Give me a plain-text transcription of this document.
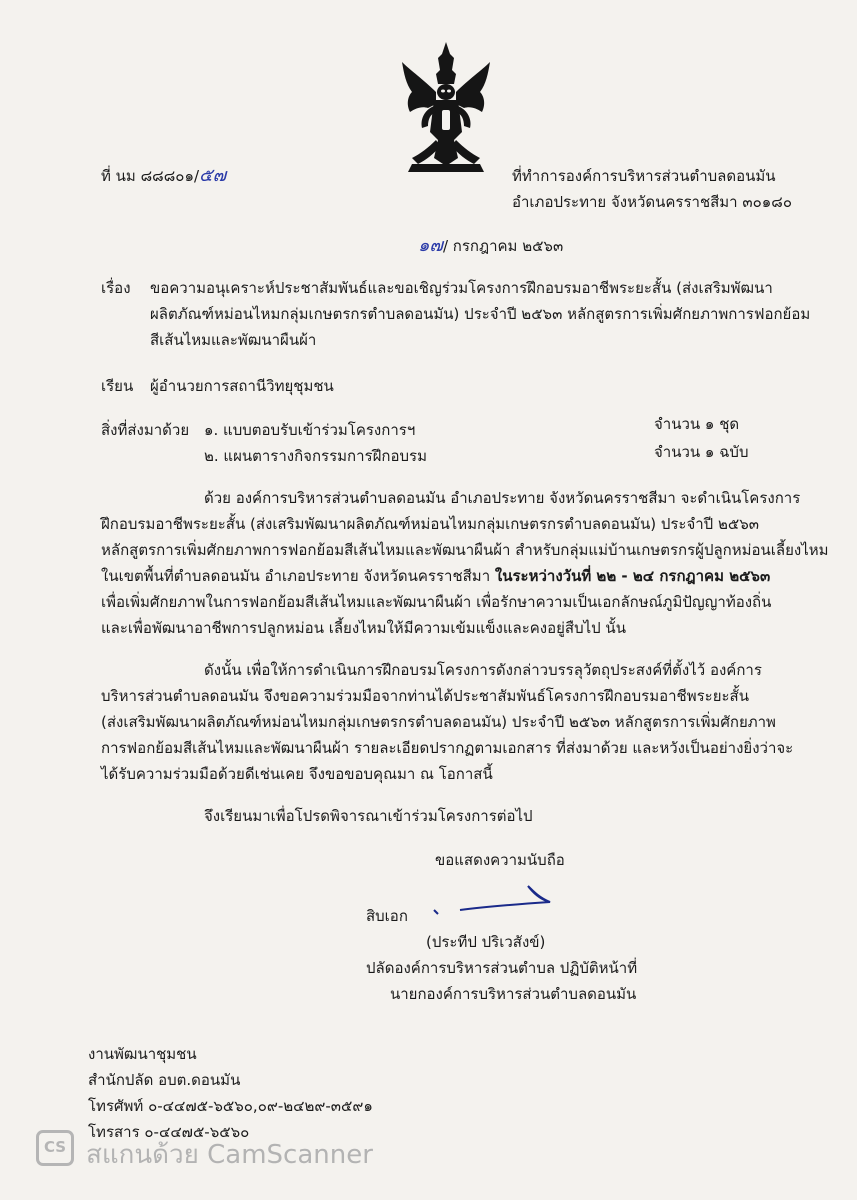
ที่ นม ๘๘๘๐๑/๕๗	ที่ทำการองค์การบริหารส่วนตำบลดอนมัน
อำเภอประทาย จังหวัดนครราชสีมา ๓๐๑๘๐
๑๗/ กรกฎาคม ๒๕๖๓
เรื่อง ขอความอนุเคราะห์ประชาสัมพันธ์และขอเชิญร่วมโครงการฝึกอบรมอาชีพระยะสั้น (ส่งเสริมพัฒนา
ผลิตภัณฑ์หม่อนไหมกลุ่มเกษตรกรตำบลดอนมัน) ประจำปี ๒๕๖๓ หลักสูตรการเพิ่มศักยภาพการฟอกย้อม
สีเส้นไหมและพัฒนาผืนผ้า
เรียน ผู้อำนวยการสถานีวิทยุชุมชน
สิ่งที่ส่งมาด้วย ๑. แบบตอบรับเข้าร่วมโครงการฯ	จำนวน ๑ ชุด
๒. แผนตารางกิจกรรมการฝึกอบรม	จำนวน ๑ ฉบับ
ด้วย องค์การบริหารส่วนตำบลดอนมัน อำเภอประทาย จังหวัดนครราชสีมา จะดำเนินโครงการ
ฝึกอบรมอาชีพระยะสั้น (ส่งเสริมพัฒนาผลิตภัณฑ์หม่อนไหมกลุ่มเกษตรกรตำบลดอนมัน) ประจำปี ๒๕๖๓
หลักสูตรการเพิ่มศักยภาพการฟอกย้อมสีเส้นไหมและพัฒนาผืนผ้า สำหรับกลุ่มแม่บ้านเกษตรกรผู้ปลูกหม่อนเลี้ยงไหม
ในเขตพื้นที่ตำบลดอนมัน อำเภอประทาย จังหวัดนครราชสีมา ในระหว่างวันที่ ๒๒ - ๒๔ กรกฎาคม ๒๕๖๓
เพื่อเพิ่มศักยภาพในการฟอกย้อมสีเส้นไหมและพัฒนาผืนผ้า เพื่อรักษาความเป็นเอกลักษณ์ภูมิปัญญาท้องถิ่น
และเพื่อพัฒนาอาชีพการปลูกหม่อน เลี้ยงไหมให้มีความเข้มแข็งและคงอยู่สืบไป นั้น
ดังนั้น เพื่อให้การดำเนินการฝึกอบรมโครงการดังกล่าวบรรลุวัตถุประสงค์ที่ตั้งไว้ องค์การ
บริหารส่วนตำบลดอนมัน จึงขอความร่วมมือจากท่านได้ประชาสัมพันธ์โครงการฝึกอบรมอาชีพระยะสั้น
(ส่งเสริมพัฒนาผลิตภัณฑ์หม่อนไหมกลุ่มเกษตรกรตำบลดอนมัน) ประจำปี ๒๕๖๓ หลักสูตรการเพิ่มศักยภาพ
การฟอกย้อมสีเส้นไหมและพัฒนาผืนผ้า รายละเอียดปรากฏตามเอกสาร ที่ส่งมาด้วย และหวังเป็นอย่างยิ่งว่าจะ
ได้รับความร่วมมือด้วยดีเช่นเคย จึงขอขอบคุณมา ณ โอกาสนี้
จึงเรียนมาเพื่อโปรดพิจารณาเข้าร่วมโครงการต่อไป
ขอแสดงความนับถือ
สิบเอก
(ประทีป ปริเวสังข์)
ปลัดองค์การบริหารส่วนตำบล ปฏิบัติหน้าที่
นายกองค์การบริหารส่วนตำบลดอนมัน
งานพัฒนาชุมชน
สำนักปลัด อบต.ดอนมัน
โทรศัพท์ ๐-๔๔๗๕-๖๕๖๐,๐๙-๒๔๒๙-๓๕๙๑
โทรสาร ๐-๔๔๗๕-๖๕๖๐
CS สแกนด้วย CamScanner
